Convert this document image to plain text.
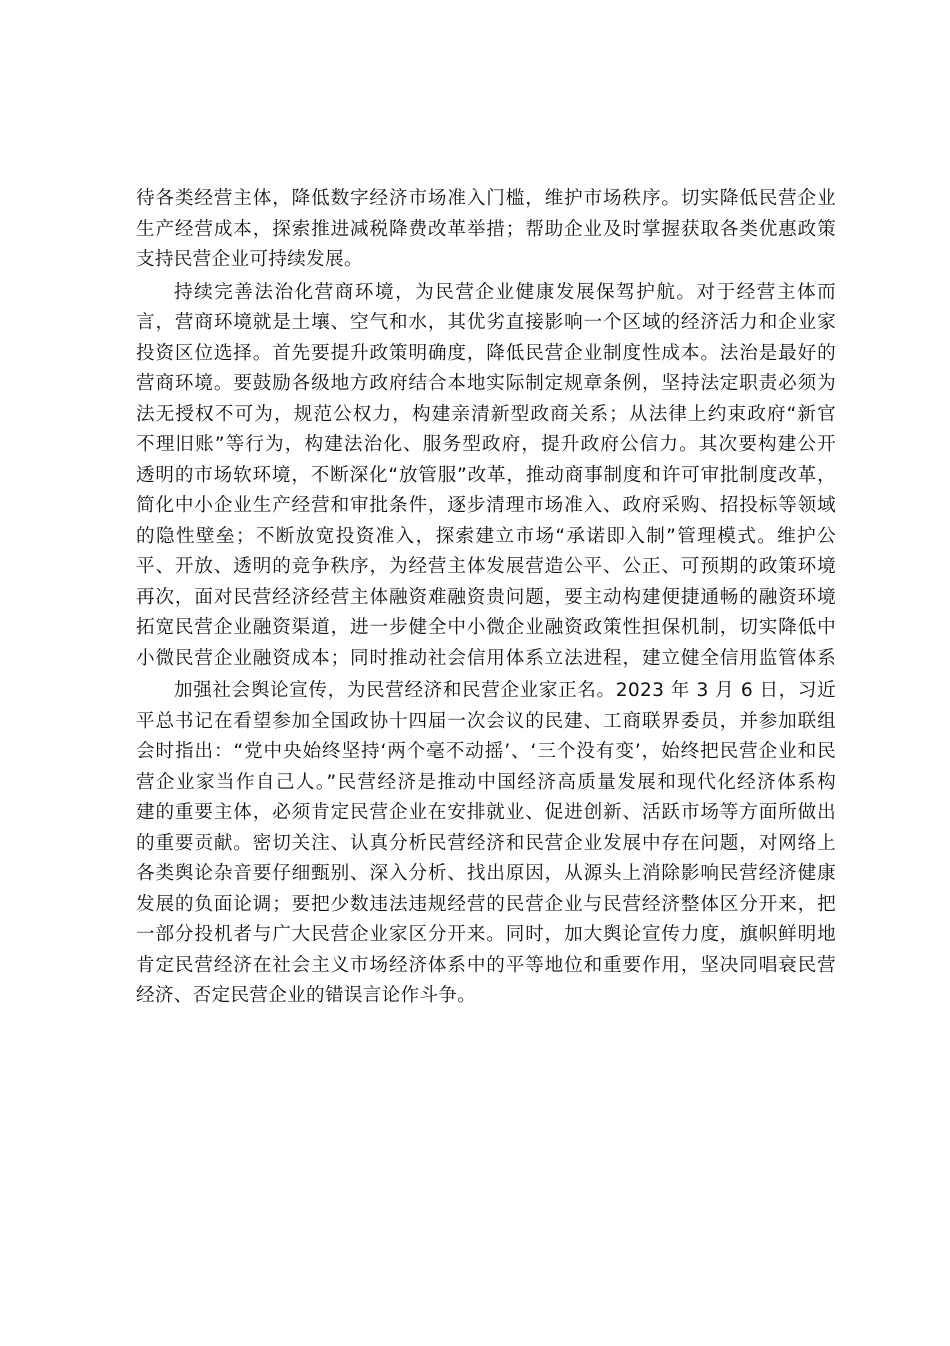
待各类经营主体，降低数字经济市场准入门槛，维护市场秩序。切实降低民营企业
生产经营成本，探索推进减税降费改革举措；帮助企业及时掌握获取各类优惠政策
支持民营企业可持续发展。
持续完善法治化营商环境，为民营企业健康发展保驾护航。对于经营主体而
言，营商环境就是土壤、空气和水，其优劣直接影响一个区域的经济活力和企业家
投资区位选择。首先要提升政策明确度，降低民营企业制度性成本。法治是最好的
营商环境。要鼓励各级地方政府结合本地实际制定规章条例，坚持法定职责必须为
法无授权不可为，规范公权力，构建亲清新型政商关系；从法律上约束政府“新官
不理旧账”等行为，构建法治化、服务型政府，提升政府公信力。其次要构建公开
透明的市场软环境，不断深化“放管服”改革，推动商事制度和许可审批制度改革，
简化中小企业生产经营和审批条件，逐步清理市场准入、政府采购、招投标等领域
的隐性壁垒；不断放宽投资准入，探索建立市场“承诺即入制”管理模式。维护公
平、开放、透明的竞争秩序，为经营主体发展营造公平、公正、可预期的政策环境
再次，面对民营经济经营主体融资难融资贵问题，要主动构建便捷通畅的融资环境
拓宽民营企业融资渠道，进一步健全中小微企业融资政策性担保机制，切实降低中
小微民营企业融资成本；同时推动社会信用体系立法进程，建立健全信用监管体系
加强社会舆论宣传，为民营经济和民营企业家正名。2023 年 3 月 6 日，习近
平总书记在看望参加全国政协十四届一次会议的民建、工商联界委员，并参加联组
会时指出：“党中央始终坚持‘两个毫不动摇’、‘三个没有变’，始终把民营企业和民
营企业家当作自己人。”民营经济是推动中国经济高质量发展和现代化经济体系构
建的重要主体，必须肯定民营企业在安排就业、促进创新、活跃市场等方面所做出
的重要贡献。密切关注、认真分析民营经济和民营企业发展中存在问题，对网络上
各类舆论杂音要仔细甄别、深入分析、找出原因，从源头上消除影响民营经济健康
发展的负面论调；要把少数违法违规经营的民营企业与民营经济整体区分开来，把
一部分投机者与广大民营企业家区分开来。同时，加大舆论宣传力度，旗帜鲜明地
肯定民营经济在社会主义市场经济体系中的平等地位和重要作用，坚决同唱衰民营
经济、否定民营企业的错误言论作斗争。
